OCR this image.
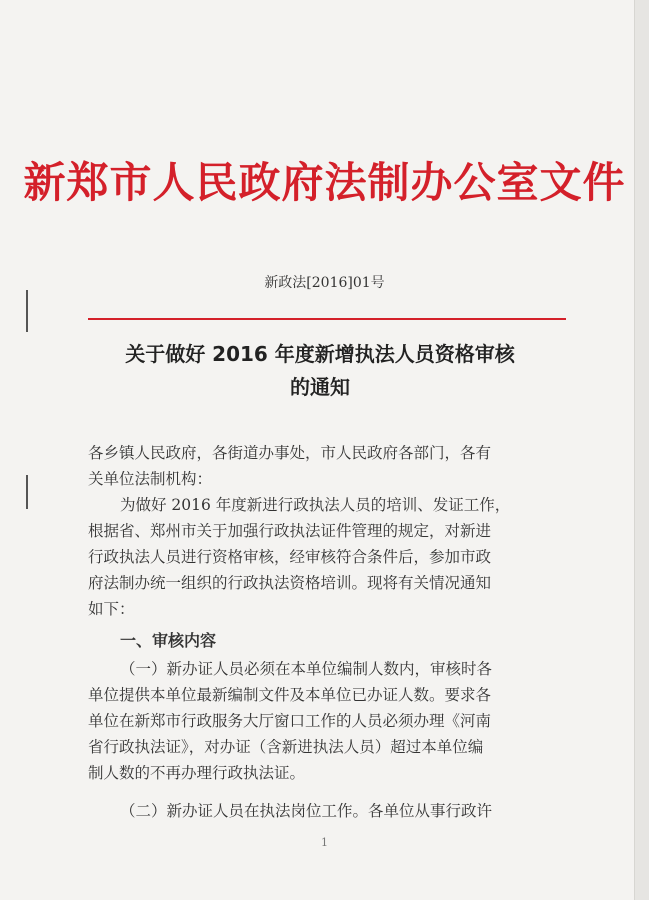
新郑市人民政府法制办公室文件
新政法[2016]01号
关于做好 2016 年度新增执法人员资格审核
的通知
各乡镇人民政府，各街道办事处，市人民政府各部门，各有
关单位法制机构：
为做好 2016 年度新进行政执法人员的培训、发证工作，
根据省、郑州市关于加强行政执法证件管理的规定，对新进
行政执法人员进行资格审核，经审核符合条件后，参加市政
府法制办统一组织的行政执法资格培训。现将有关情况通知
如下：
一、审核内容
（一）新办证人员必须在本单位编制人数内，审核时各
单位提供本单位最新编制文件及本单位已办证人数。要求各
单位在新郑市行政服务大厅窗口工作的人员必须办理《河南
省行政执法证》，对办证（含新进执法人员）超过本单位编
制人数的不再办理行政执法证。
（二）新办证人员在执法岗位工作。各单位从事行政许
1
